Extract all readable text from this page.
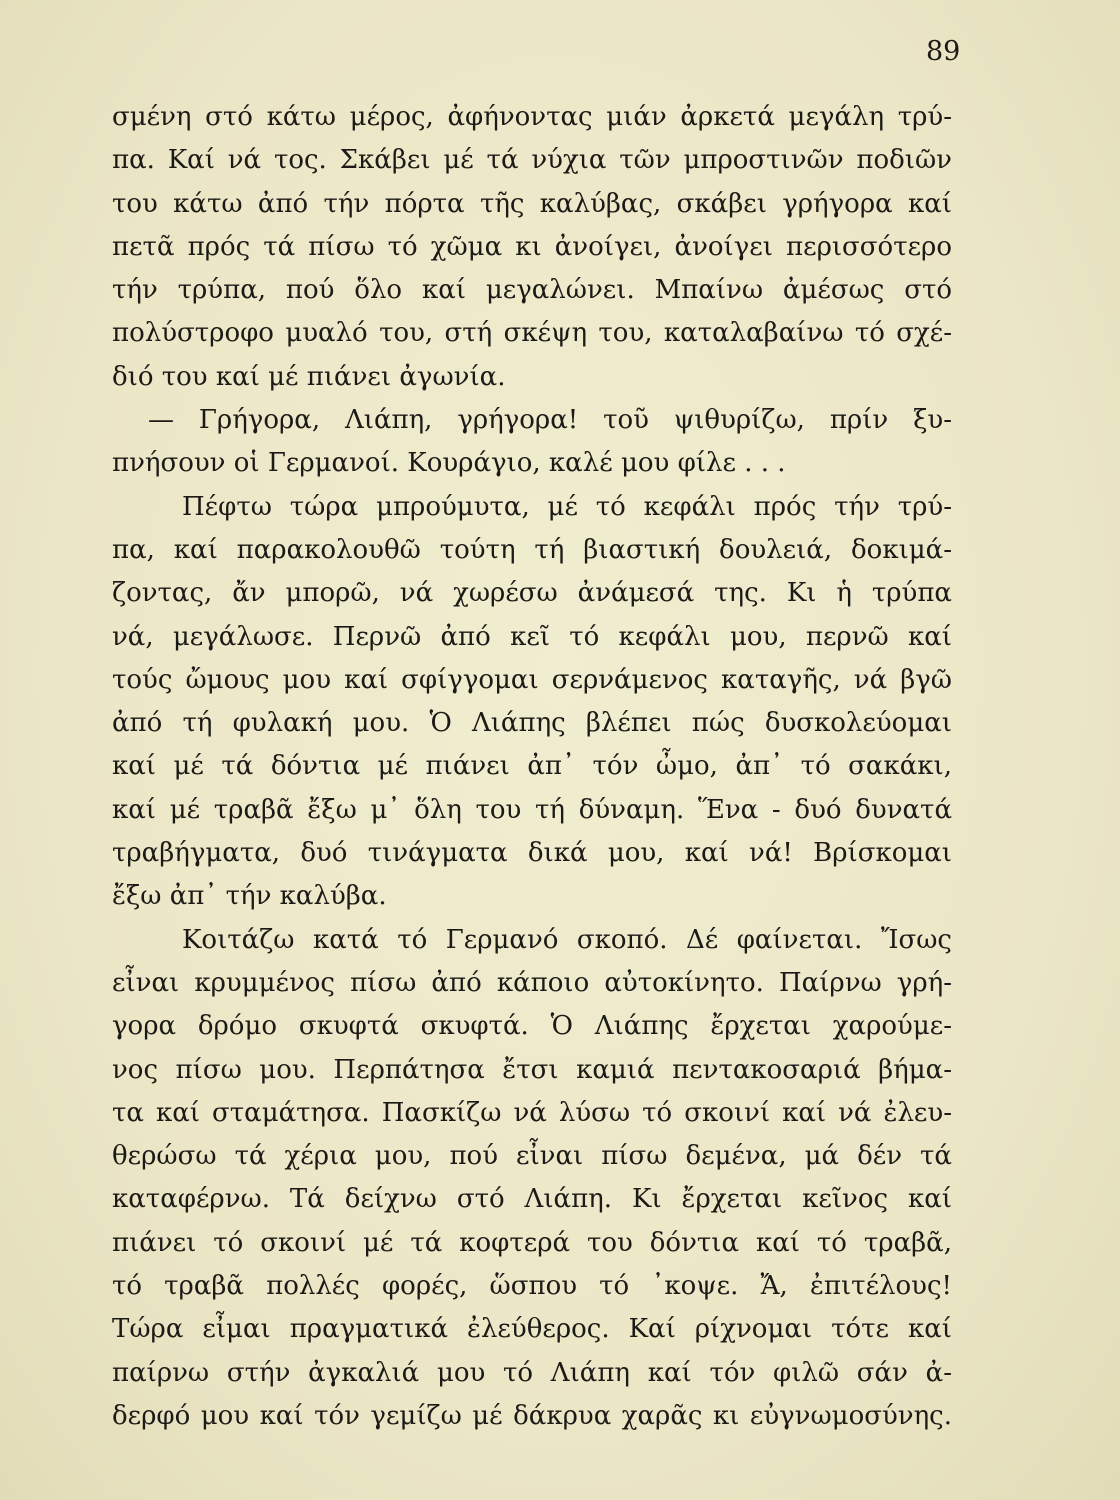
89
σμένη στό κάτω μέρος, ἀφήνοντας μιάν ἀρκετά μεγάλη τρύ-
πα. Καί νά τος. Σκάβει μέ τά νύχια τῶν μπροστινῶν ποδιῶν
του κάτω ἀπό τήν πόρτα τῆς καλύβας, σκάβει γρήγορα καί
πετᾶ πρός τά πίσω τό χῶμα κι ἀνοίγει, ἀνοίγει περισσότερο
τήν τρύπα, πού ὅλο καί μεγαλώνει. Μπαίνω ἀμέσως στό
πολύστροφο μυαλό του, στή σκέψη του, καταλαβαίνω τό σχέ-
διό του καί μέ πιάνει ἀγωνία.
— Γρήγορα, Λιάπη, γρήγορα! τοῦ ψιθυρίζω, πρίν ξυ-
πνήσουν οἱ Γερμανοί. Κουράγιο, καλέ μου φίλε . . .
Πέφτω τώρα μπρούμυτα, μέ τό κεφάλι πρός τήν τρύ-
πα, καί παρακολουθῶ τούτη τή βιαστική δουλειά, δοκιμά-
ζοντας, ἄν μπορῶ, νά χωρέσω ἀνάμεσά της. Κι ἡ τρύπα
νά, μεγάλωσε. Περνῶ ἀπό κεῖ τό κεφάλι μου, περνῶ καί
τούς ὤμους μου καί σφίγγομαι σερνάμενος καταγῆς, νά βγῶ
ἀπό τή φυλακή μου. Ὁ Λιάπης βλέπει πώς δυσκολεύομαι
καί μέ τά δόντια μέ πιάνει ἀπ᾽ τόν ὦμο, ἀπ᾽ τό σακάκι,
καί μέ τραβᾶ ἔξω μ᾽ ὅλη του τή δύναμη. Ἕνα - δυό δυνατά
τραβήγματα, δυό τινάγματα δικά μου, καί νά! Βρίσκομαι
ἔξω ἀπ᾽ τήν καλύβα.
Κοιτάζω κατά τό Γερμανό σκοπό. Δέ φαίνεται. Ἴσως
εἶναι κρυμμένος πίσω ἀπό κάποιο αὐτοκίνητο. Παίρνω γρή-
γορα δρόμο σκυφτά σκυφτά. Ὁ Λιάπης ἔρχεται χαρούμε-
νος πίσω μου. Περπάτησα ἔτσι καμιά πεντακοσαριά βήμα-
τα καί σταμάτησα. Πασκίζω νά λύσω τό σκοινί καί νά ἐλευ-
θερώσω τά χέρια μου, πού εἶναι πίσω δεμένα, μά δέν τά
καταφέρνω. Τά δείχνω στό Λιάπη. Κι ἔρχεται κεῖνος καί
πιάνει τό σκοινί μέ τά κοφτερά του δόντια καί τό τραβᾶ,
τό τραβᾶ πολλές φορές, ὥσπου τό ᾽κοψε. Ἄ, ἐπιτέλους!
Τώρα εἶμαι πραγματικά ἐλεύθερος. Καί ρίχνομαι τότε καί
παίρνω στήν ἀγκαλιά μου τό Λιάπη καί τόν φιλῶ σάν ἀ-
δερφό μου καί τόν γεμίζω μέ δάκρυα χαρᾶς κι εὐγνωμοσύνης.
